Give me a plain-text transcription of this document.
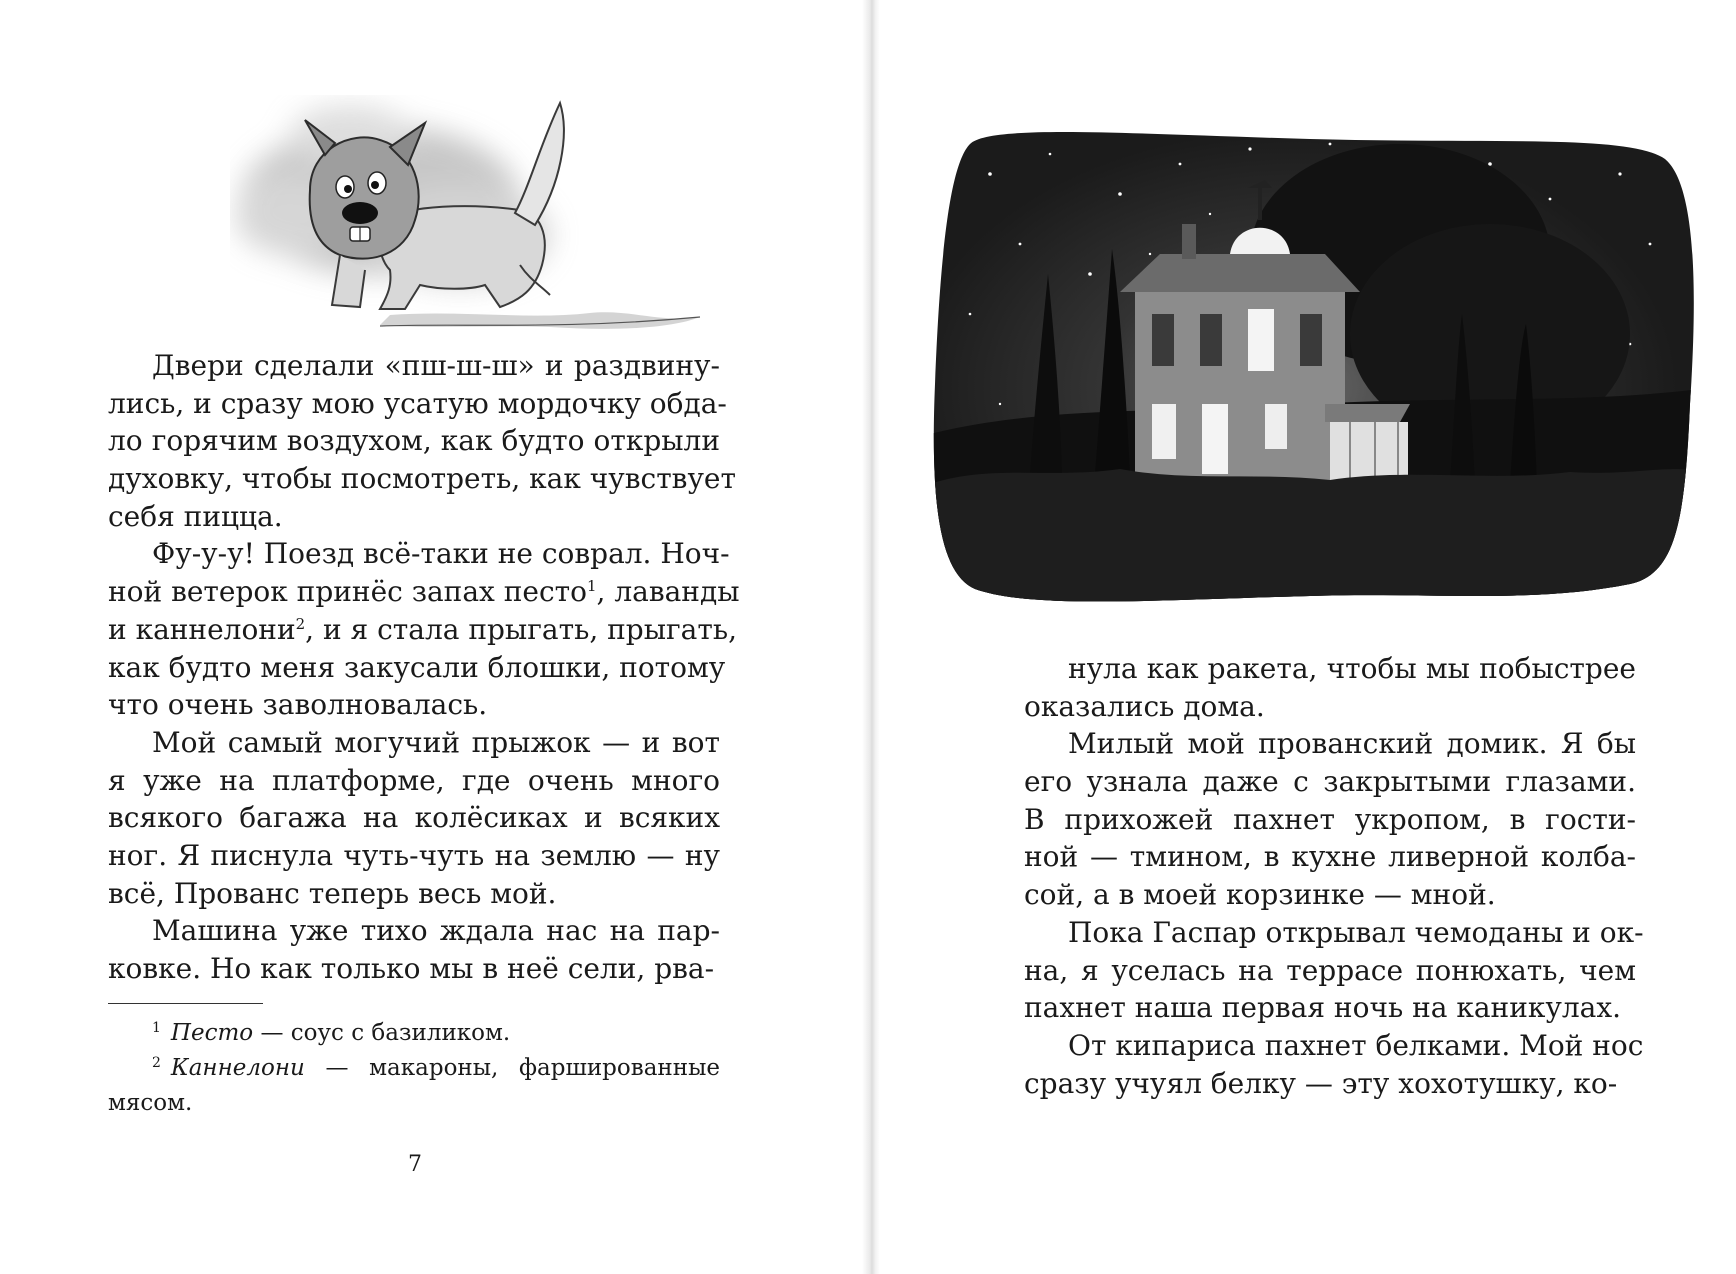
Двери сделали «пш-ш-ш» и раздвину-
лись, и сразу мою усатую мордочку обда-
ло горячим воздухом, как будто открыли
духовку, чтобы посмотреть, как чувствует
себя пицца.
Фу-у-у! Поезд всё-таки не соврал. Ноч-
ной ветерок принёс запах песто$^1$, лаванды
и каннелони$^2$, и я стала прыгать, прыгать,
как будто меня закусали блошки, потому
что очень заволновалась.
Мой самый могучий прыжок — и вот
я уже на платформе, где очень много
всякого багажа на колёсиках и всяких
ног. Я писнула чуть-чуть на землю — ну
всё, Прованс теперь весь мой.
Машина уже тихо ждала нас на пар-
ковке. Но как только мы в неё сели, рва-
$^1$ Песто — соус с базиликом.
$^2$ Каннелони — макароны, фаршированные
мясом.
7
нула как ракета, чтобы мы побыстрее
оказались дома.
Милый мой прованский домик. Я бы
его узнала даже с закрытыми глазами.
В прихожей пахнет укропом, в гости-
ной — тмином, в кухне ливерной колба-
сой, а в моей корзинке — мной.
Пока Гаспар открывал чемоданы и ок-
на, я уселась на террасе понюхать, чем
пахнет наша первая ночь на каникулах.
От кипариса пахнет белками. Мой нос
сразу учуял белку — эту хохотушку, ко-
